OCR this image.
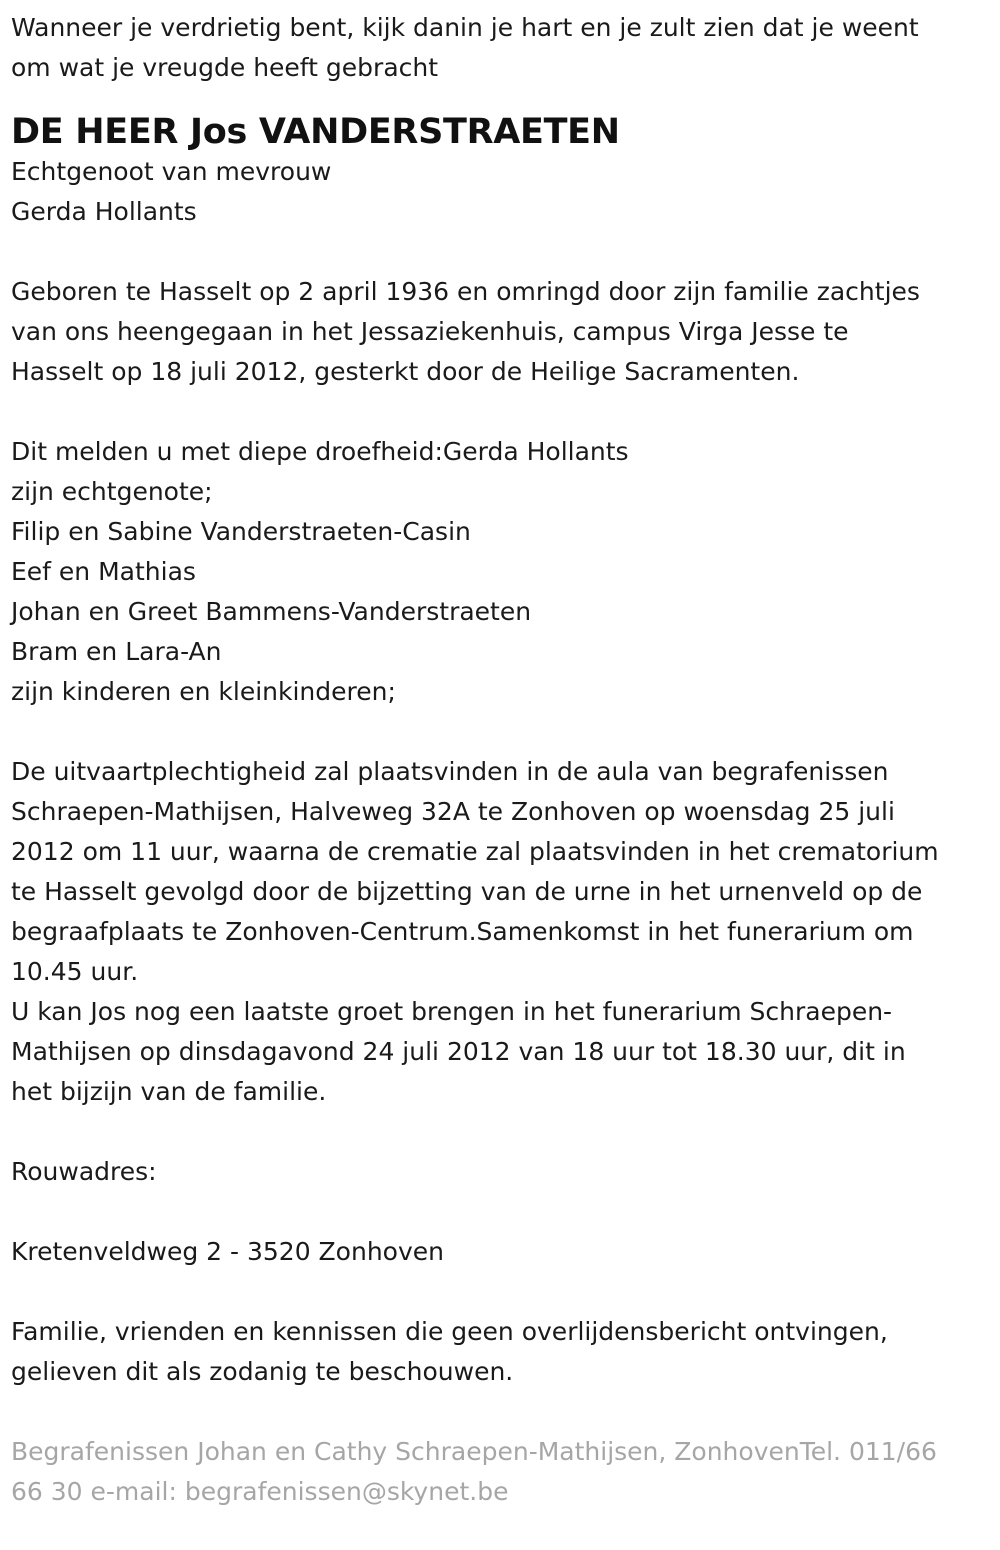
Wanneer je verdrietig bent, kijk danin je hart en je zult zien dat je weent
om wat je vreugde heeft gebracht

DE HEER Jos VANDERSTRAETEN

Echtgenoot van mevrouw
Gerda Hollants

Geboren te Hasselt op 2 april 1936 en omringd door zijn familie zachtjes
van ons heengegaan in het Jessaziekenhuis, campus Virga Jesse te
Hasselt op 18 juli 2012, gesterkt door de Heilige Sacramenten.

Dit melden u met diepe droefheid:Gerda Hollants
zijn echtgenote;
Filip en Sabine Vanderstraeten-Casin
Eef en Mathias
Johan en Greet Bammens-Vanderstraeten
Bram en Lara-An
zijn kinderen en kleinkinderen;

De uitvaartplechtigheid zal plaatsvinden in de aula van begrafenissen
Schraepen-Mathijsen, Halveweg 32A te Zonhoven op woensdag 25 juli
2012 om 11 uur, waarna de crematie zal plaatsvinden in het crematorium
te Hasselt gevolgd door de bijzetting van de urne in het urnenveld op de
begraafplaats te Zonhoven-Centrum.Samenkomst in het funerarium om
10.45 uur.
U kan Jos nog een laatste groet brengen in het funerarium Schraepen-
Mathijsen op dinsdagavond 24 juli 2012 van 18 uur tot 18.30 uur, dit in
het bijzijn van de familie.

Rouwadres:
Kretenveldweg 2 - 3520 Zonhoven

Familie, vrienden en kennissen die geen overlijdensbericht ontvingen,
gelieven dit als zodanig te beschouwen.

Begrafenissen Johan en Cathy Schraepen-Mathijsen, ZonhovenTel. 011/66
66 30 e-mail: begrafenissen@skynet.be
